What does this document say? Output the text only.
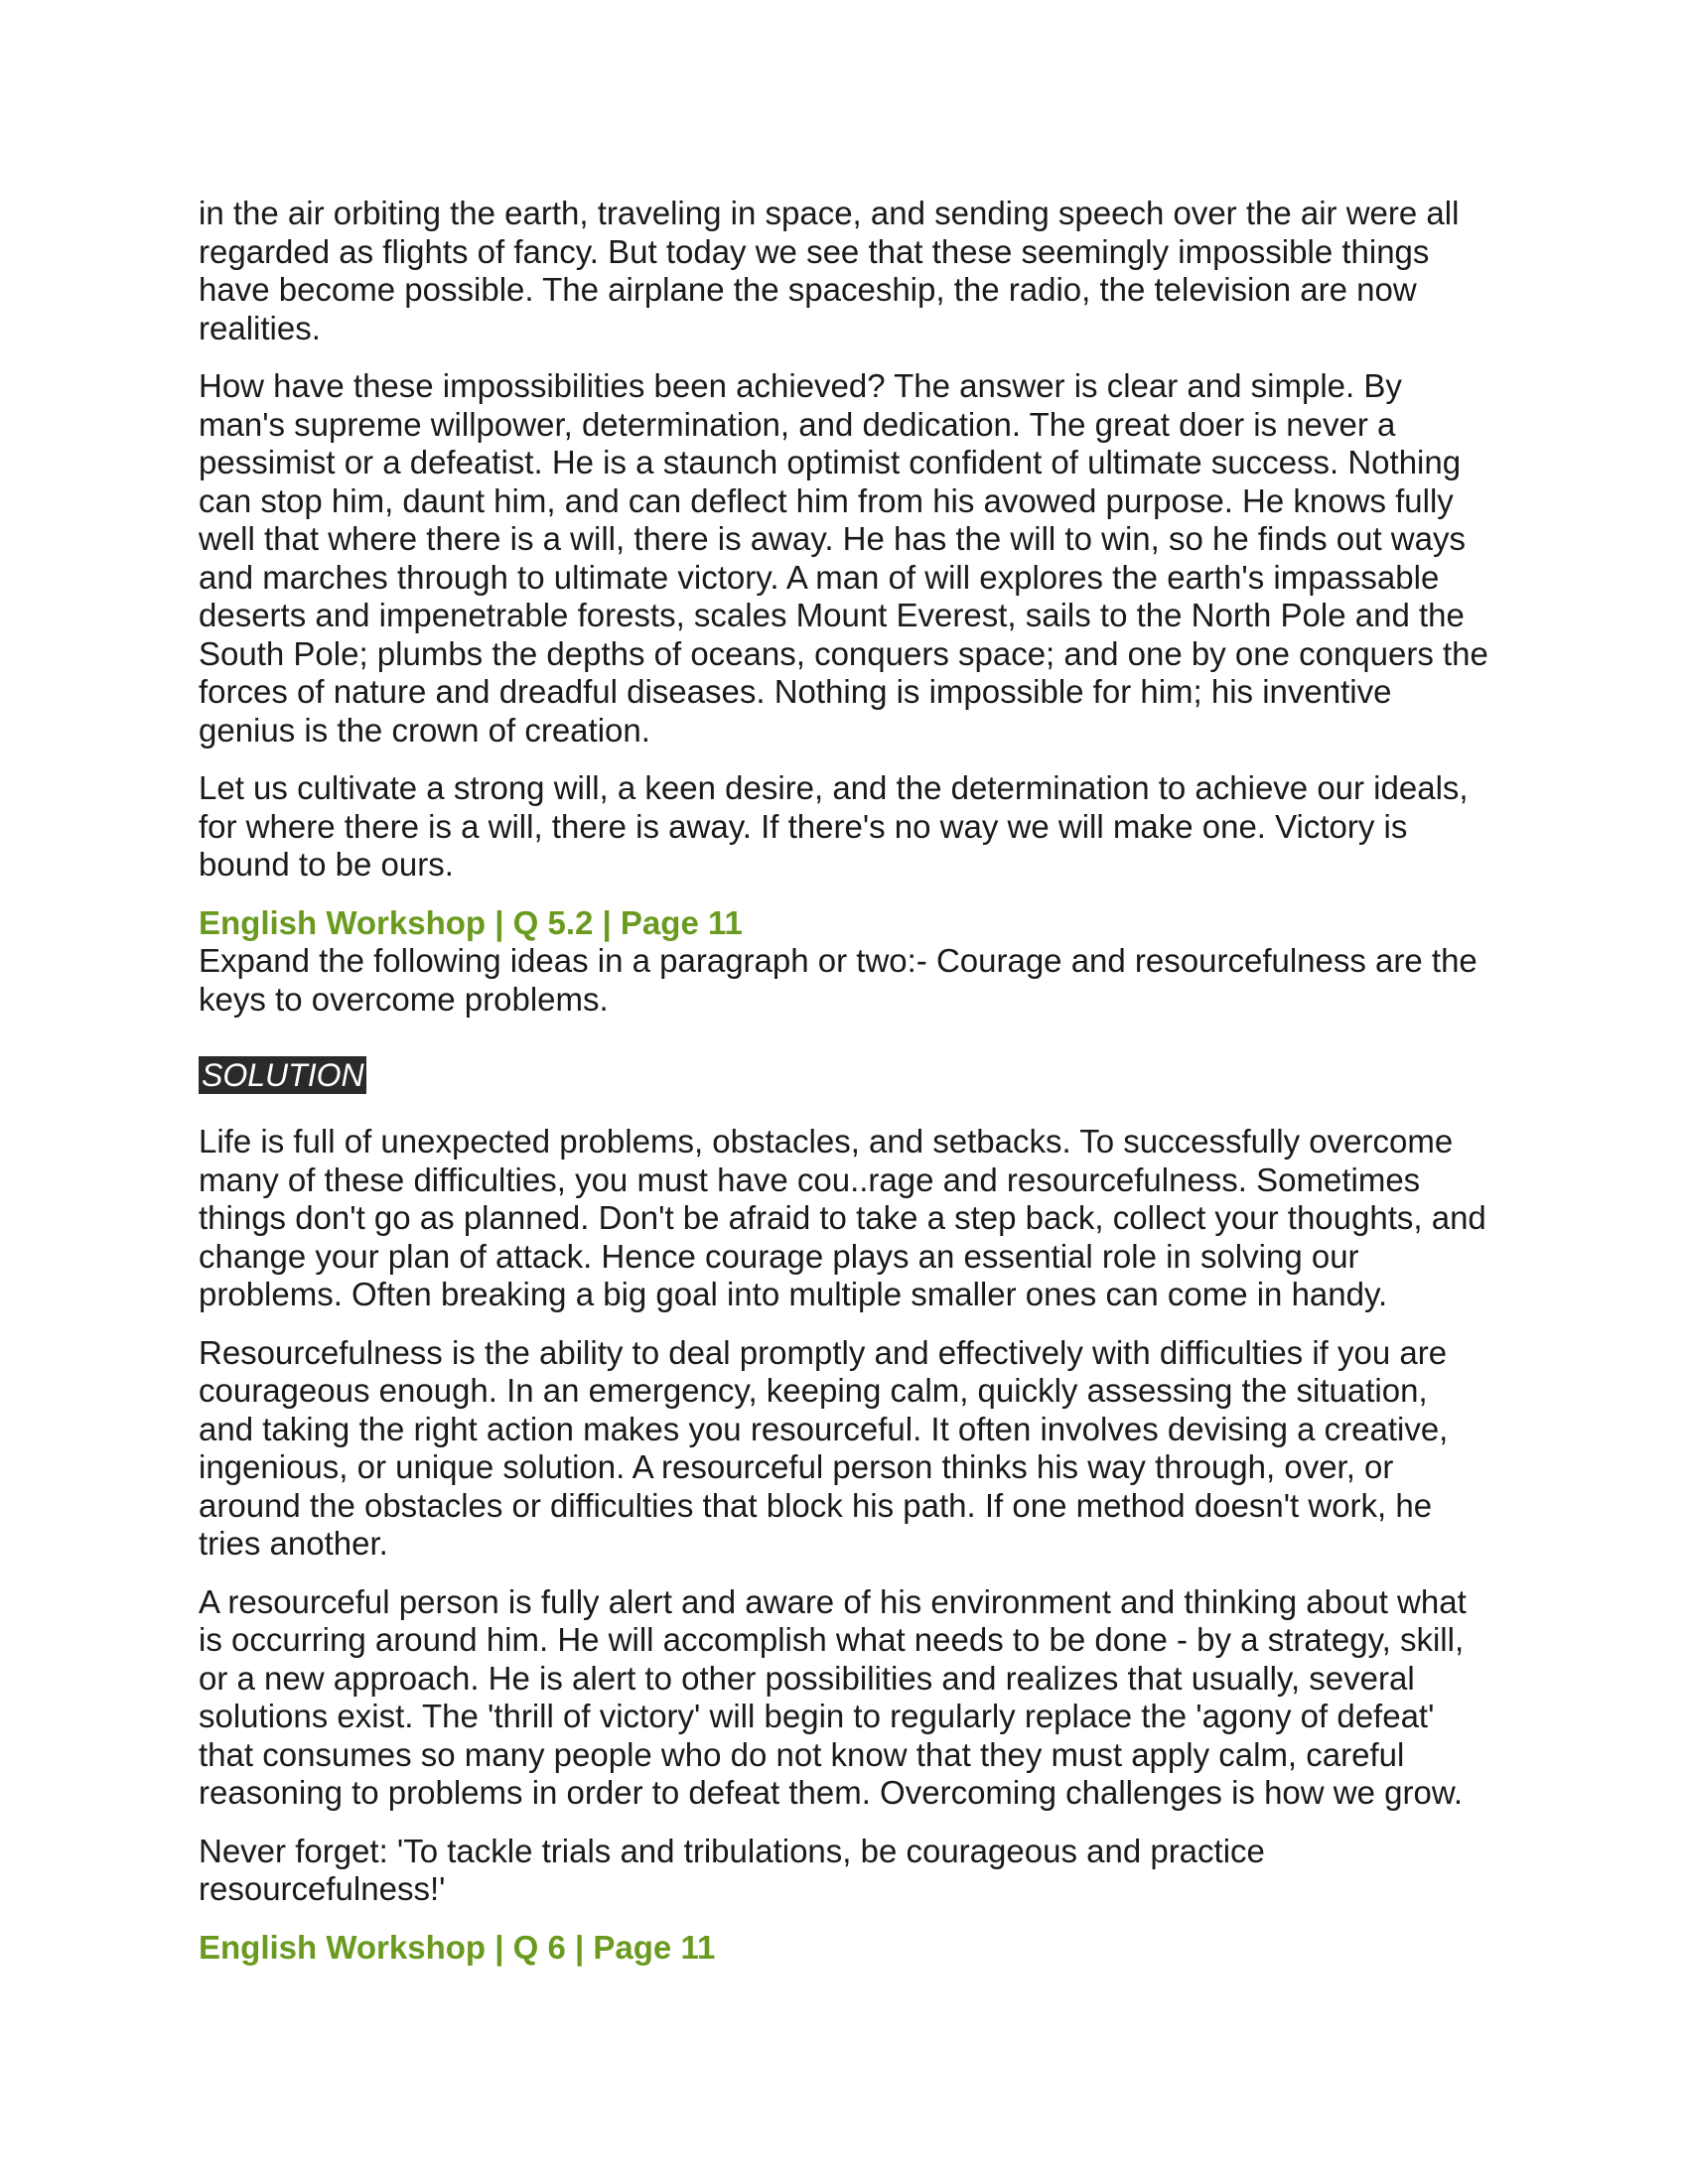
in the air orbiting the earth, traveling in space, and sending speech over the air were all regarded as flights of fancy. But today we see that these seemingly impossible things have become possible. The airplane the spaceship, the radio, the television are now realities.

How have these impossibilities been achieved? The answer is clear and simple. By man's supreme willpower, determination, and dedication. The great doer is never a pessimist or a defeatist. He is a staunch optimist confident of ultimate success. Nothing can stop him, daunt him, and can deflect him from his avowed purpose. He knows fully well that where there is a will, there is away. He has the will to win, so he finds out ways and marches through to ultimate victory. A man of will explores the earth's impassable deserts and impenetrable forests, scales Mount Everest, sails to the North Pole and the South Pole; plumbs the depths of oceans, conquers space; and one by one conquers the forces of nature and dreadful diseases. Nothing is impossible for him; his inventive genius is the crown of creation.

Let us cultivate a strong will, a keen desire, and the determination to achieve our ideals, for where there is a will, there is away. If there's no way we will make one. Victory is bound to be ours.

English Workshop | Q 5.2 | Page 11
Expand the following ideas in a paragraph or two:- Courage and resourcefulness are the keys to overcome problems.
SOLUTION

Life is full of unexpected problems, obstacles, and setbacks. To successfully overcome many of these difficulties, you must have cou..rage and resourcefulness. Sometimes things don't go as planned. Don't be afraid to take a step back, collect your thoughts, and change your plan of attack. Hence courage plays an essential role in solving our problems. Often breaking a big goal into multiple smaller ones can come in handy.

Resourcefulness is the ability to deal promptly and effectively with difficulties if you are courageous enough. In an emergency, keeping calm, quickly assessing the situation, and taking the right action makes you resourceful. It often involves devising a creative, ingenious, or unique solution. A resourceful person thinks his way through, over, or around the obstacles or difficulties that block his path. If one method doesn't work, he tries another.

A resourceful person is fully alert and aware of his environment and thinking about what is occurring around him. He will accomplish what needs to be done - by a strategy, skill, or a new approach. He is alert to other possibilities and realizes that usually, several solutions exist. The 'thrill of victory' will begin to regularly replace the 'agony of defeat' that consumes so many people who do not know that they must apply calm, careful reasoning to problems in order to defeat them. Overcoming challenges is how we grow.

Never forget: 'To tackle trials and tribulations, be courageous and practice resourcefulness!'

English Workshop | Q 6 | Page 11
